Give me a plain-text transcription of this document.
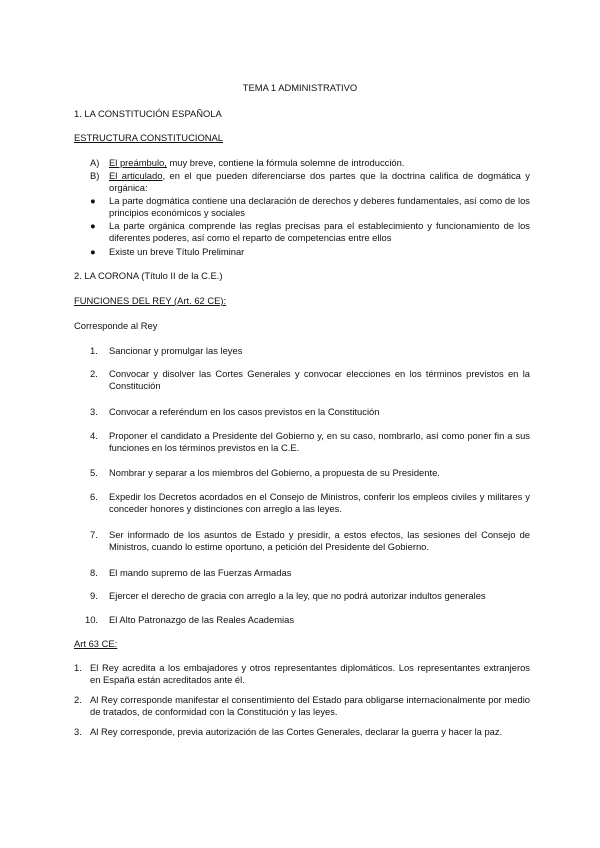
TEMA 1 ADMINISTRATIVO
1. LA CONSTITUCIÓN ESPAÑOLA
ESTRUCTURA CONSTITUCIONAL
A) El preámbulo, muy breve, contiene la fórmula solemne de introducción.
B) El articulado, en el que pueden diferenciarse dos partes que la doctrina califica de dogmática y orgánica:
● La parte dogmática contiene una declaración de derechos y deberes fundamentales, así como de los principios económicos y sociales
● La parte orgánica comprende las reglas precisas para el establecimiento y funcionamiento de los diferentes poderes, así como el reparto de competencias entre ellos
● Existe un breve Título Preliminar
2. LA CORONA (Título II de la C.E.)
FUNCIONES DEL REY (Art. 62 CE):
Corresponde al Rey
1. Sancionar y promulgar las leyes
2. Convocar y disolver las Cortes Generales y convocar elecciones en los términos previstos en la Constitución
3. Convocar a referéndum en los casos previstos en la Constitución
4. Proponer el candidato a Presidente del Gobierno y, en su caso, nombrarlo, así como poner fin a sus funciones en los términos previstos en la C.E.
5. Nombrar y separar a los miembros del Gobierno, a propuesta de su Presidente.
6. Expedir los Decretos acordados en el Consejo de Ministros, conferir los empleos civiles y militares y conceder honores y distinciones con arreglo a las leyes.
7. Ser informado de los asuntos de Estado y presidir, a estos efectos, las sesiones del Consejo de Ministros, cuando lo estime oportuno, a petición del Presidente del Gobierno.
8. El mando supremo de las Fuerzas Armadas
9. Ejercer el derecho de gracia con arreglo a la ley, que no podrá autorizar indultos generales
10. El Alto Patronazgo de las Reales Academias
Art 63 CE:
1. El Rey acredita a los embajadores y otros representantes diplomáticos. Los representantes extranjeros en España están acreditados ante él.
2. Al Rey corresponde manifestar el consentimiento del Estado para obligarse internacionalmente por medio de tratados, de conformidad con la Constitución y las leyes.
3. Al Rey corresponde, previa autorización de las Cortes Generales, declarar la guerra y hacer la paz.
